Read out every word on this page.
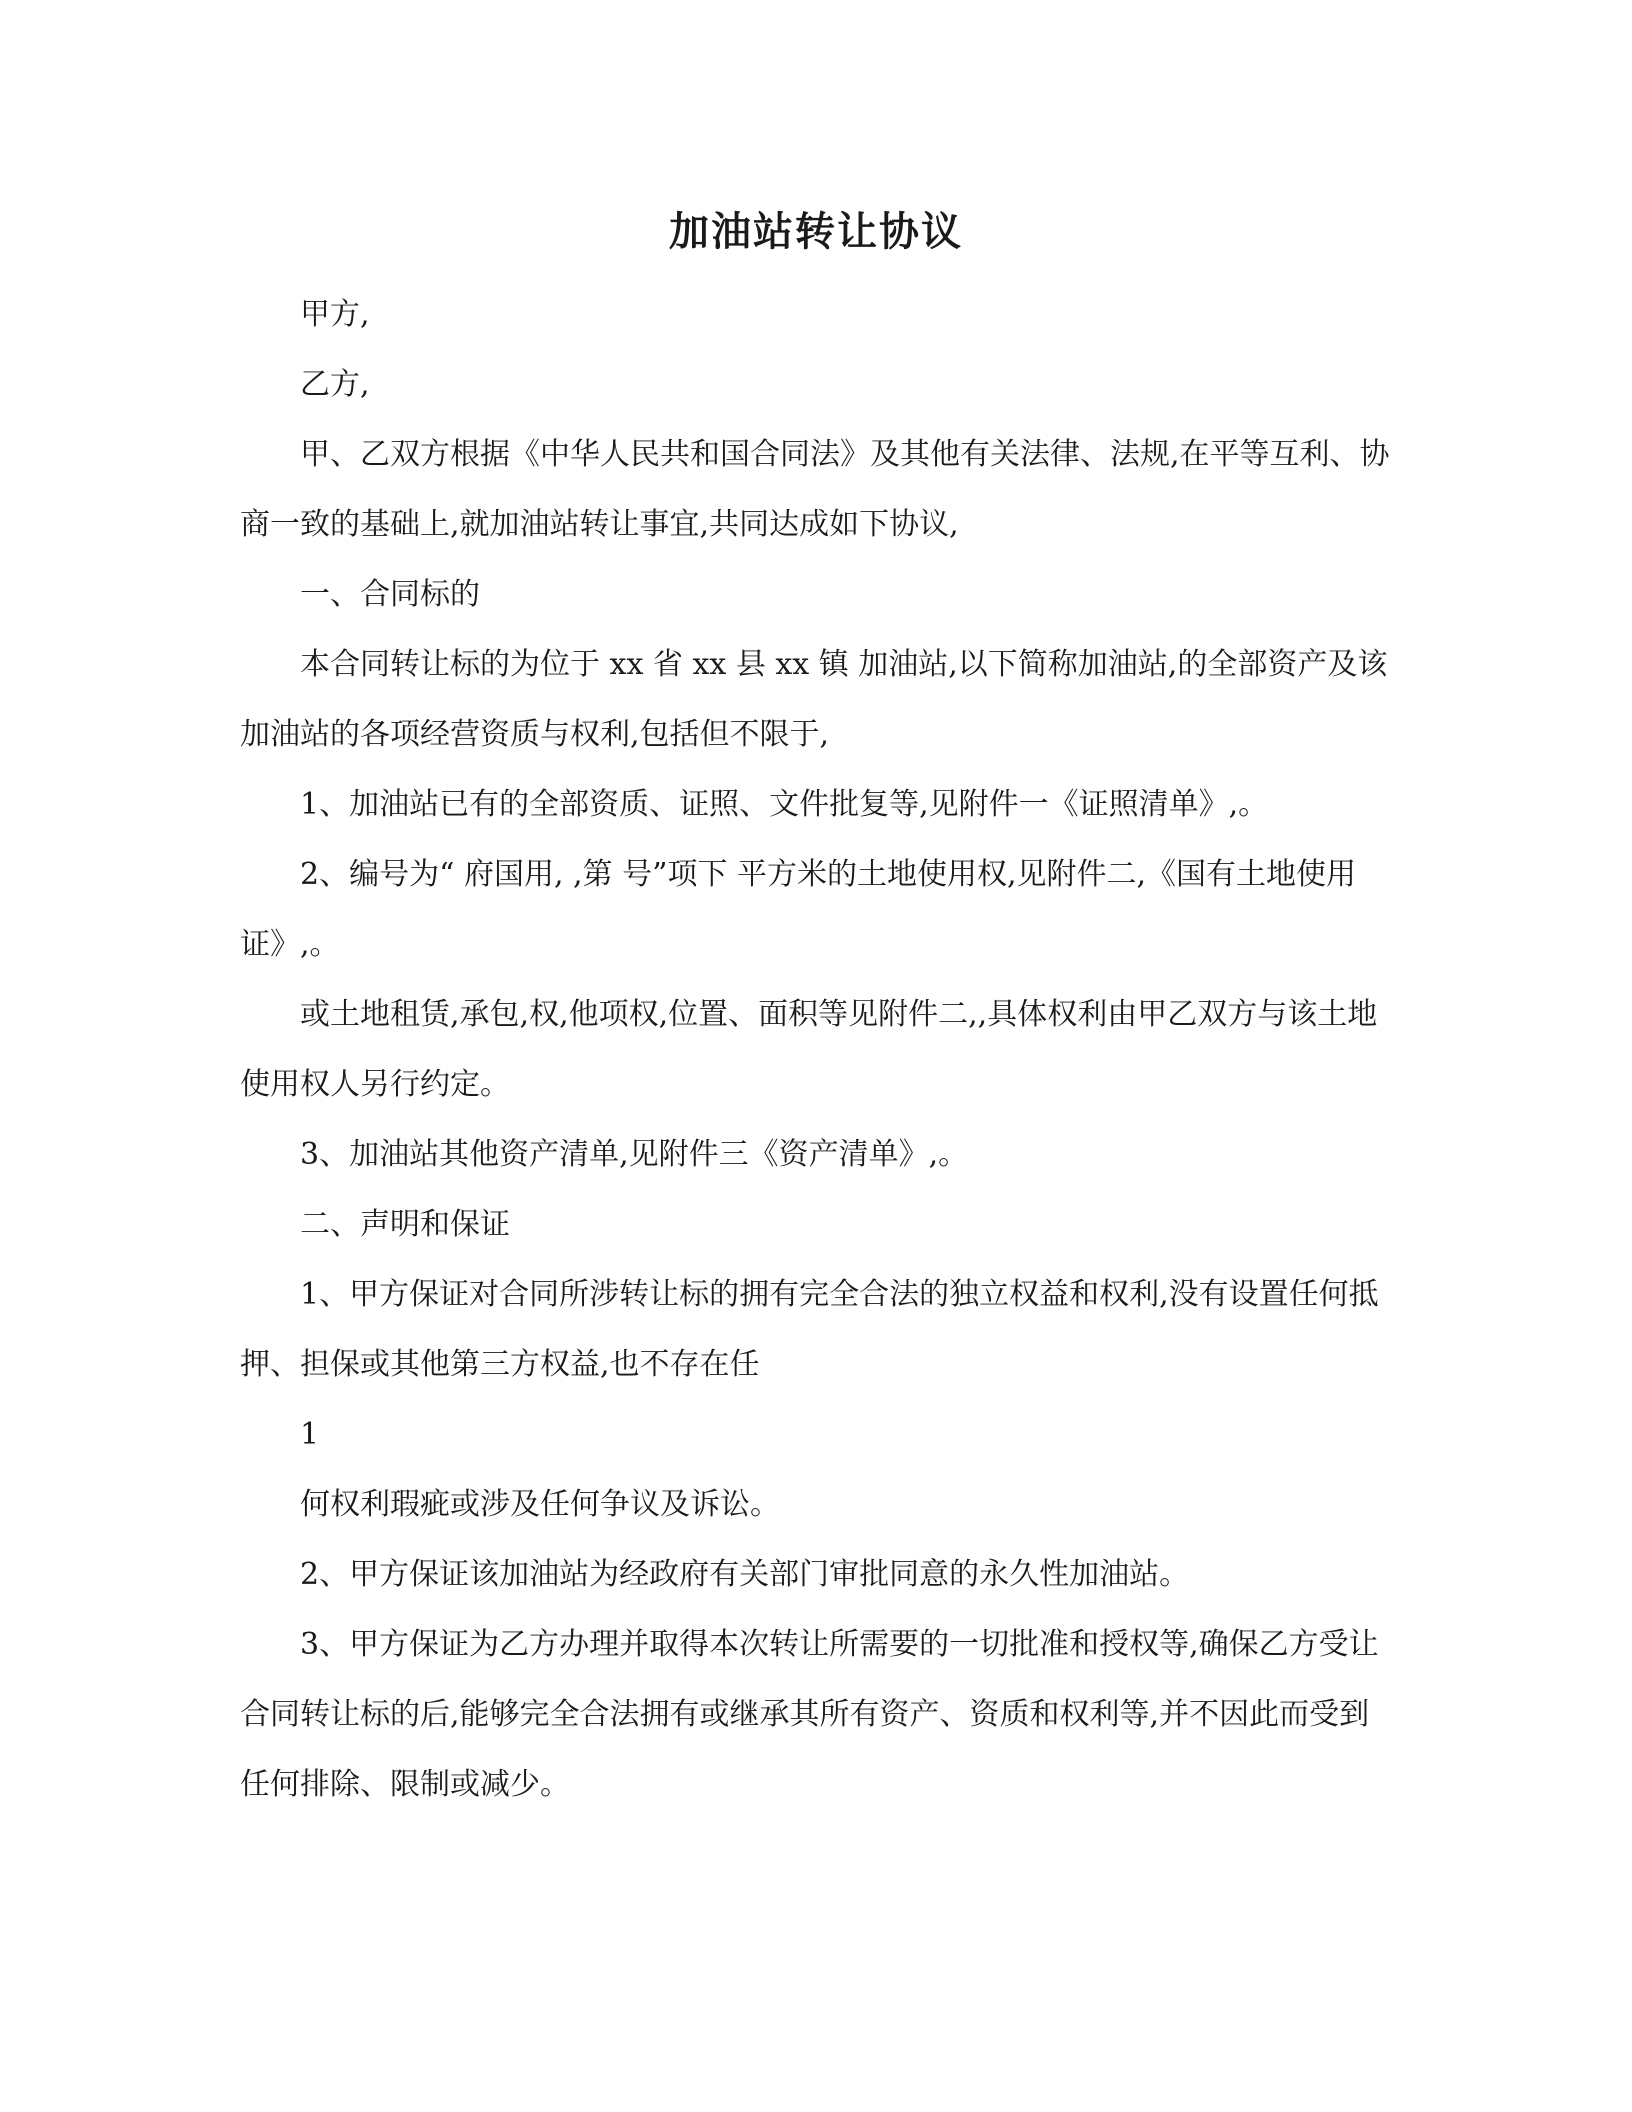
加油站转让协议

甲方,

乙方,

甲、乙双方根据《中华人民共和国合同法》及其他有关法律、法规,在平等互利、协商一致的基础上,就加油站转让事宜,共同达成如下协议,

一、合同标的

本合同转让标的为位于 xx 省 xx 县 xx 镇 加油站,以下简称加油站,的全部资产及该加油站的各项经营资质与权利,包括但不限于,

1、加油站已有的全部资质、证照、文件批复等,见附件一《证照清单》,。

2、编号为“ 府国用, ,第 号”项下 平方米的土地使用权,见附件二,《国有土地使用证》,。

或土地租赁,承包,权,他项权,位置、面积等见附件二,,具体权利由甲乙双方与该土地使用权人另行约定。

3、加油站其他资产清单,见附件三《资产清单》,。

二、声明和保证

1、甲方保证对合同所涉转让标的拥有完全合法的独立权益和权利,没有设置任何抵押、担保或其他第三方权益,也不存在任

1

何权利瑕疵或涉及任何争议及诉讼。

2、甲方保证该加油站为经政府有关部门审批同意的永久性加油站。

3、甲方保证为乙方办理并取得本次转让所需要的一切批准和授权等,确保乙方受让合同转让标的后,能够完全合法拥有或继承其所有资产、资质和权利等,并不因此而受到任何排除、限制或减少。
